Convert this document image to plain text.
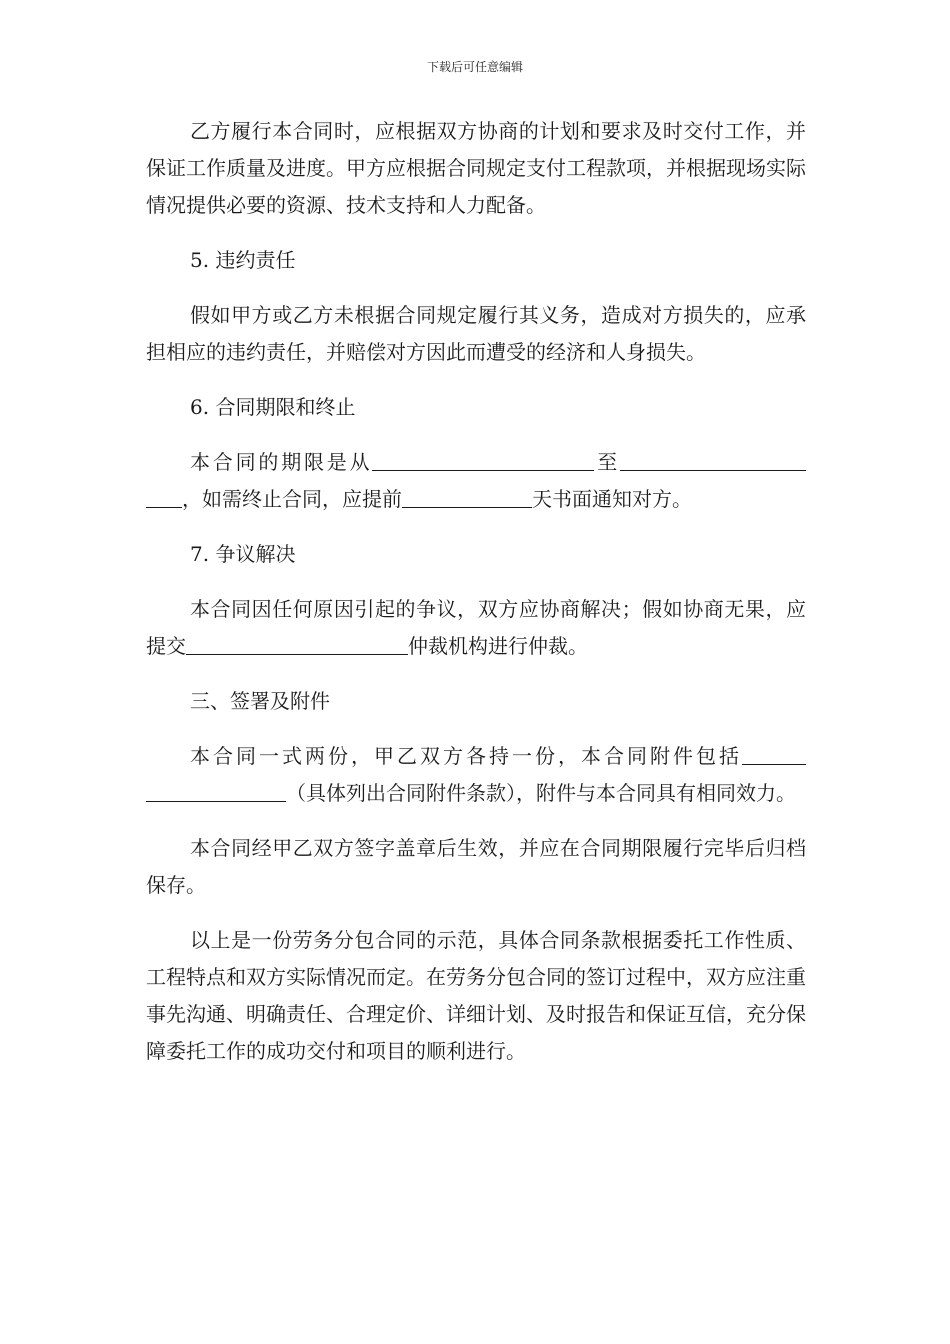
下载后可任意编辑

乙方履行本合同时，应根据双方协商的计划和要求及时交付工作，并保证工作质量及进度。甲方应根据合同规定支付工程款项，并根据现场实际情况提供必要的资源、技术支持和人力配备。

5. 违约责任

假如甲方或乙方未根据合同规定履行其义务，造成对方损失的，应承担相应的违约责任，并赔偿对方因此而遭受的经济和人身损失。

6. 合同期限和终止

本合同的期限是从	至，如需终止合同，应提前	天书面通知对方。

7. 争议解决

本合同因任何原因引起的争议，双方应协商解决；假如协商无果，应提交	仲裁机构进行仲裁。

三、签署及附件

本合同一式两份，甲乙双方各持一份，本合同附件包括（具体列出合同附件条款），附件与本合同具有相同效力。

本合同经甲乙双方签字盖章后生效，并应在合同期限履行完毕后归档保存。

以上是一份劳务分包合同的示范，具体合同条款根据委托工作性质、工程特点和双方实际情况而定。在劳务分包合同的签订过程中，双方应注重事先沟通、明确责任、合理定价、详细计划、及时报告和保证互信，充分保障委托工作的成功交付和项目的顺利进行。
